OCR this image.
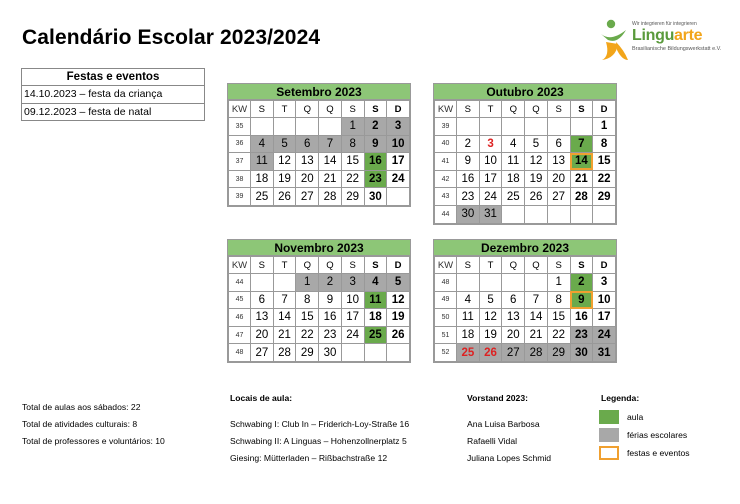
Calendário Escolar 2023/2024
Wir integrieren für integrieren
Linguarte
Brasilianische Bildungswerkstatt e.V.
Festas e eventos
14.10.2023 – festa da criança
09.12.2023 – festa de natal
Setembro 2023
KW	S	T	Q	Q	S	S	D
35					1	2	3
36	4	5	6	7	8	9	10
37	11	12	13	14	15	16	17
38	18	19	20	21	22	23	24
39	25	26	27	28	29	30	
Outubro 2023
KW	S	T	Q	Q	S	S	D
39							1
40	2	3	4	5	6	7	8
41	9	10	11	12	13	14	15
42	16	17	18	19	20	21	22
43	23	24	25	26	27	28	29
44	30	31					
Novembro 2023
KW	S	T	Q	Q	S	S	D
44			1	2	3	4	5
45	6	7	8	9	10	11	12
46	13	14	15	16	17	18	19
47	20	21	22	23	24	25	26
48	27	28	29	30			
Dezembro 2023
KW	S	T	Q	Q	S	S	D
48					1	2	3
49	4	5	6	7	8	9	10
50	11	12	13	14	15	16	17
51	18	19	20	21	22	23	24
52	25	26	27	28	29	30	31
Total de aulas aos sábados: 22
Total de atividades culturais: 8
Total de professores e voluntários: 10
Locais de aula:
Schwabing I: Club In – Friderich-Loy-Straße 16
Schwabing II: A Linguas – Hohenzollnerplatz 5
Giesing: Mütterladen – Rißbachstraße 12
Vorstand 2023:
Ana Luisa Barbosa
Rafaelli Vidal
Juliana Lopes Schmid
Legenda:
aula
férias escolares
festas e eventos
